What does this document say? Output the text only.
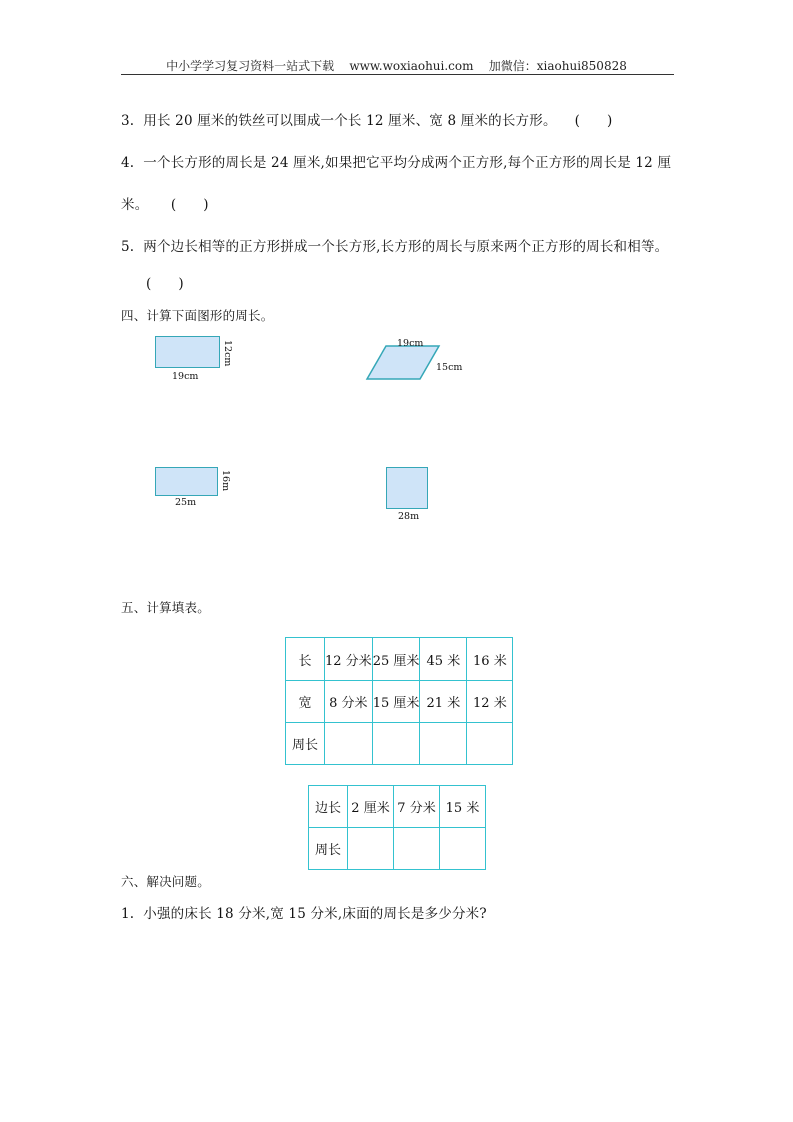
中小学学习复习资料一站式下载    www.woxiaohui.com    加微信：xiaohui850828
3.  用长 20 厘米的铁丝可以围成一个长 12 厘米、宽 8 厘米的长方形。    (      )
4.  一个长方形的周长是 24 厘米,如果把它平均分成两个正方形,每个正方形的周长是 12 厘
米。     (      )
5.  两个边长相等的正方形拼成一个长方形,长方形的周长与原来两个正方形的周长和相等。
(      )
四、计算下面图形的周长。
19cm
12cm	19cm
15cm
25m
16m
28m
五、计算填表。
长	12 分米	25 厘米	45 米	16 米
宽	8 分米	15 厘米	21 米	12 米
周长				
边长	2 厘米	7 分米	15 米
周长			
六、解决问题。
1.  小强的床长 18 分米,宽 15 分米,床面的周长是多少分米?
